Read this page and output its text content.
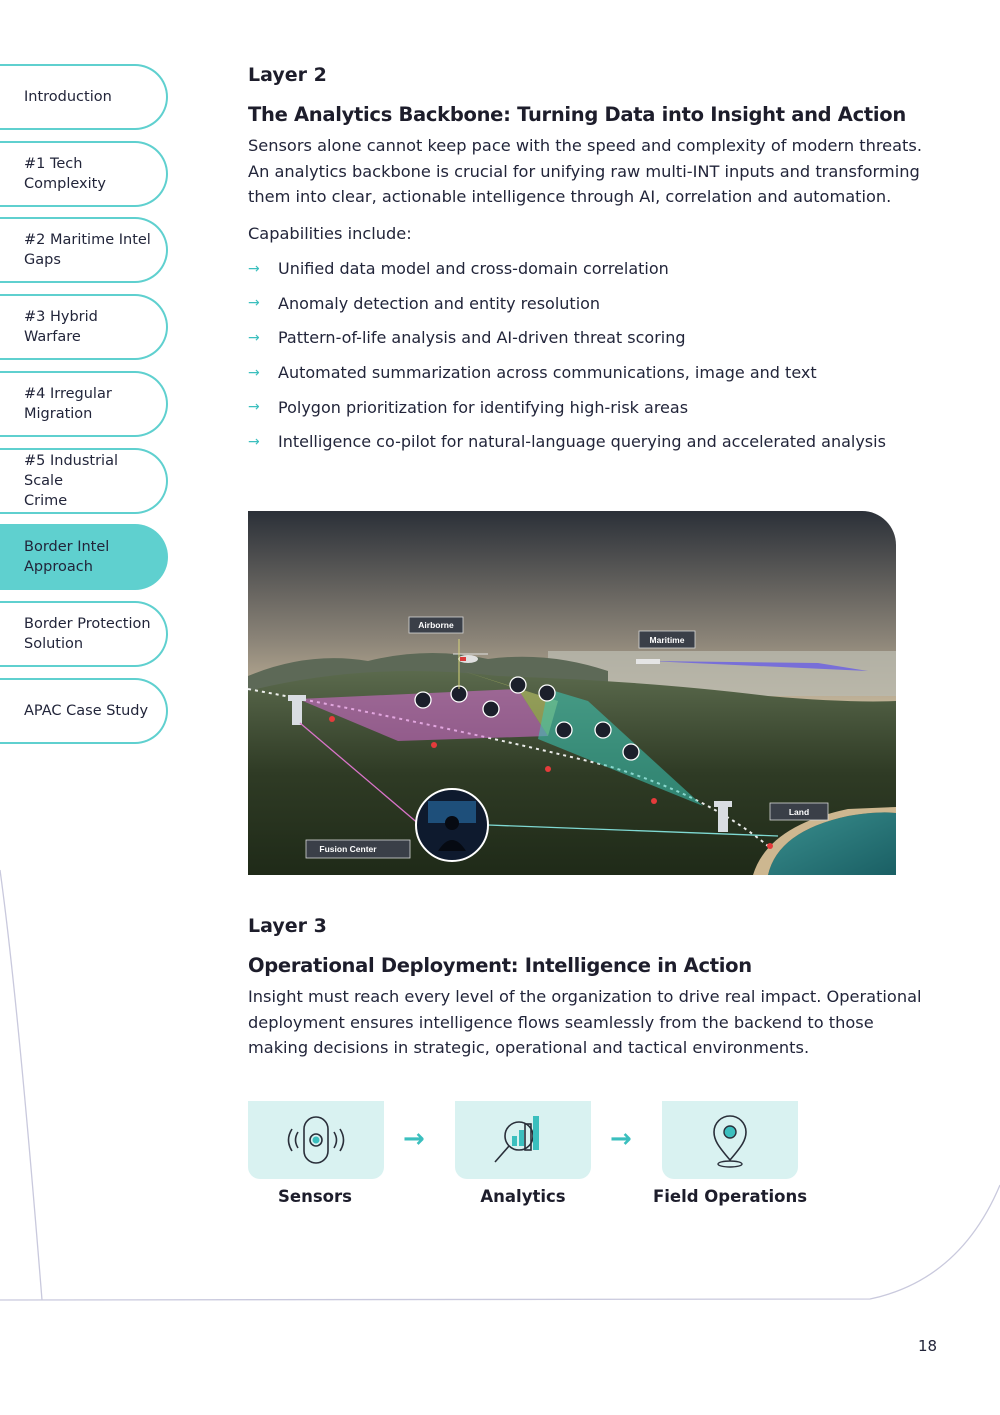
Introduction
#1 Tech
Complexity
#2 Maritime Intel
Gaps
#3 Hybrid
Warfare
#4 Irregular
Migration
#5 Industrial Scale
Crime
Border Intel
Approach
Border Protection
Solution
APAC Case Study
Layer 2
The Analytics Backbone: Turning Data into Insight and Action

Sensors alone cannot keep pace with the speed and complexity of modern threats. An analytics backbone is crucial for unifying raw multi-INT inputs and transforming them into clear, actionable intelligence through AI, correlation and automation.

Capabilities include:

→	Unified data model and cross-domain correlation
→	Anomaly detection and entity resolution
→	Pattern-of-life analysis and AI-driven threat scoring
→	Automated summarization across communications, image and text
→	Polygon prioritization for identifying high-risk areas
→	Intelligence co-pilot for natural-language querying and accelerated analysis
Airborne
Maritime
Land
Fusion Center
Layer 3
Operational Deployment: Intelligence in Action

Insight must reach every level of the organization to drive real impact. Operational deployment ensures intelligence flows seamlessly from the backend to those making decisions in strategic, operational and tactical environments.

→	→
Sensors	Analytics	Field Operations
18
